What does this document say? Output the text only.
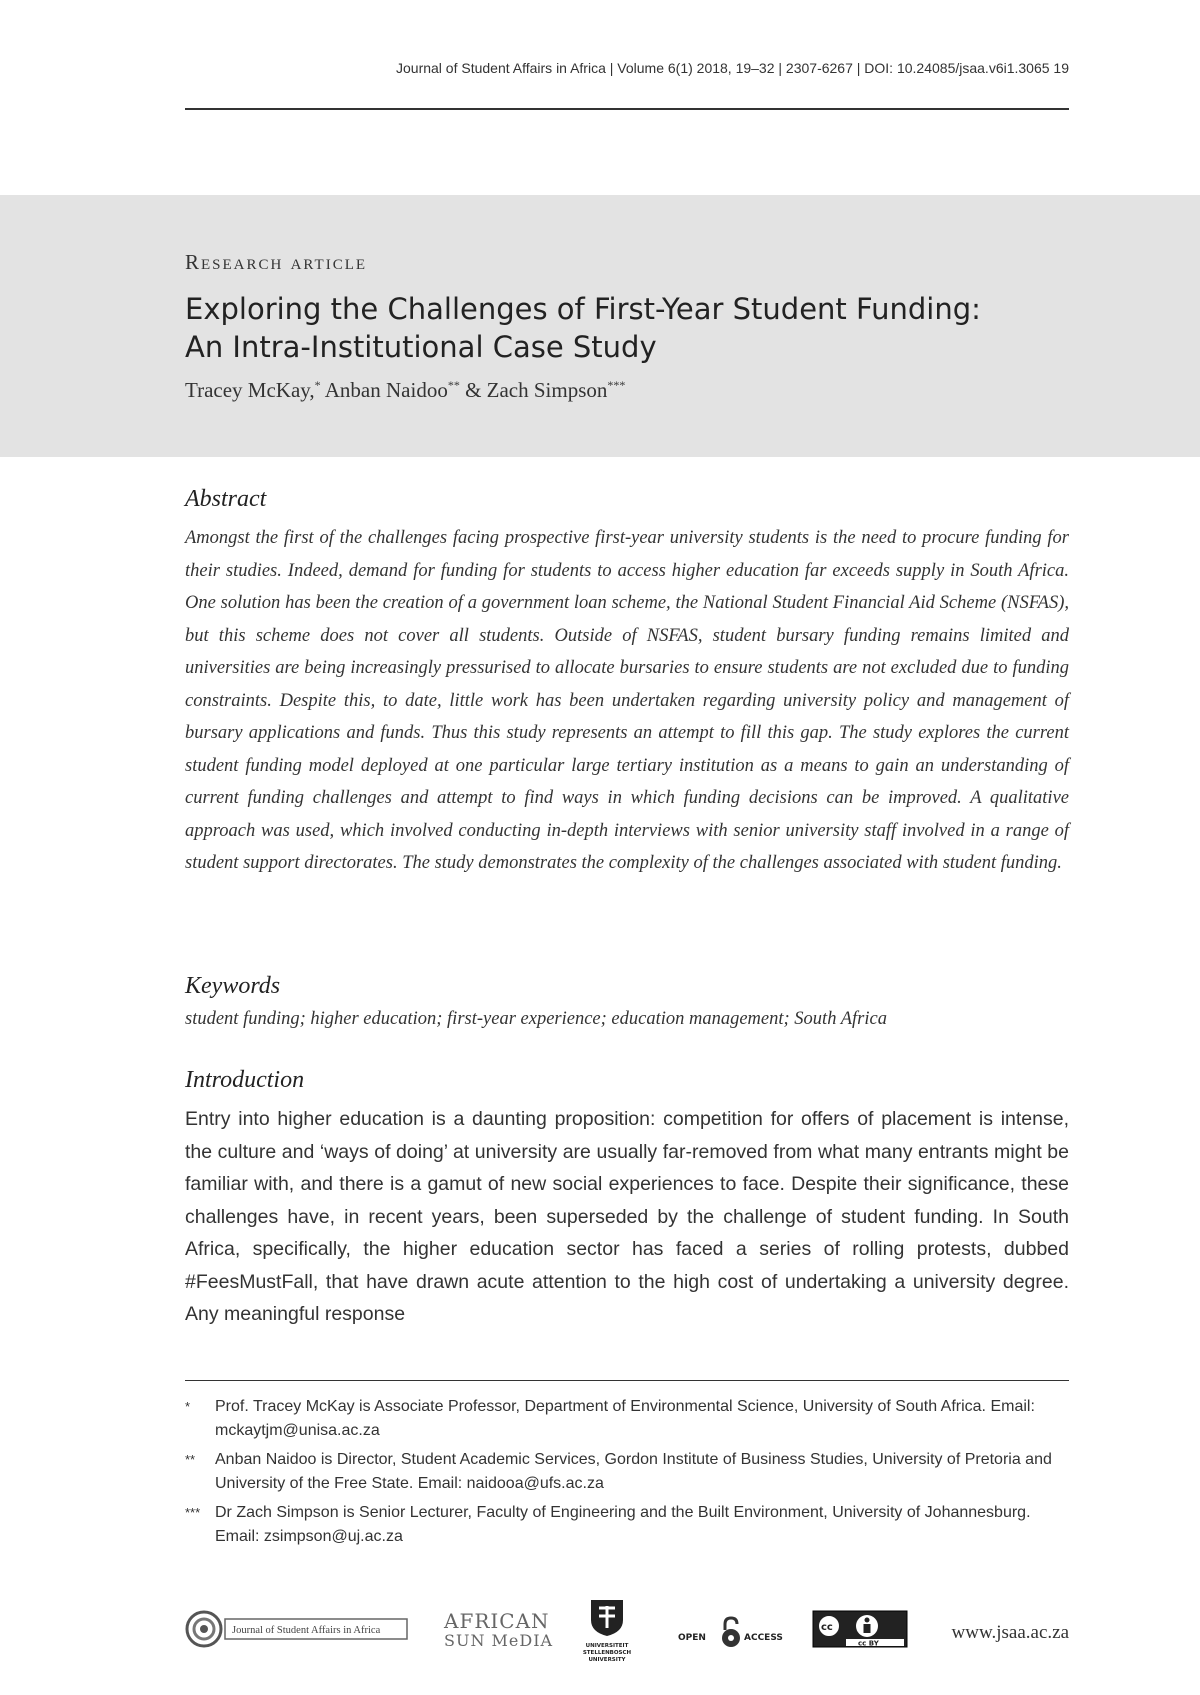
Journal of Student Affairs in Africa | Volume 6(1) 2018, 19–32 | 2307-6267 | DOI: 10.24085/jsaa.v6i1.3065 19
Research article
Exploring the Challenges of First-Year Student Funding:
An Intra-Institutional Case Study
Tracey McKay,* Anban Naidoo** & Zach Simpson***
Abstract

Amongst the first of the challenges facing prospective first-year university students is the need to procure funding for their studies. Indeed, demand for funding for students to access higher education far exceeds supply in South Africa. One solution has been the creation of a government loan scheme, the National Student Financial Aid Scheme (NSFAS), but this scheme does not cover all students. Outside of NSFAS, student bursary funding remains limited and universities are being increasingly pressurised to allocate bursaries to ensure students are not excluded due to funding constraints. Despite this, to date, little work has been undertaken regarding university policy and management of bursary applications and funds. Thus this study represents an attempt to fill this gap. The study explores the current student funding model deployed at one particular large tertiary institution as a means to gain an understanding of current funding challenges and attempt to find ways in which funding decisions can be improved. A qualitative approach was used, which involved conducting in-depth interviews with senior university staff involved in a range of student support directorates. The study demonstrates the complexity of the challenges associated with student funding.

Keywords

student funding; higher education; first-year experience; education management; South Africa

Introduction

Entry into higher education is a daunting proposition: competition for offers of placement is intense, the culture and ‘ways of doing’ at university are usually far-removed from what many entrants might be familiar with, and there is a gamut of new social experiences to face. Despite their significance, these challenges have, in recent years, been superseded by the challenge of student funding. In South Africa, specifically, the higher education sector has faced a series of rolling protests, dubbed #FeesMustFall, that have drawn acute attention to the high cost of undertaking a university degree. Any meaningful response

*	Prof. Tracey McKay is Associate Professor, Department of Environmental Science, University of South Africa. Email: mckaytjm@unisa.ac.za
**	Anban Naidoo is Director, Student Academic Services, Gordon Institute of Business Studies, University of Pretoria and University of the Free State. Email: naidooa@ufs.ac.za
*** Dr Zach Simpson is Senior Lecturer, Faculty of Engineering and the Built Environment, University of Johannesburg. Email: zsimpson@uj.ac.za
Journal of Student Affairs in Africa	AFRICAN
SUN MeDIA	UNIVERSITEIT STELLENBOSCH UNIVERSITY
OPEN	ACCESS
cc
cc BY
www.jsaa.ac.za
